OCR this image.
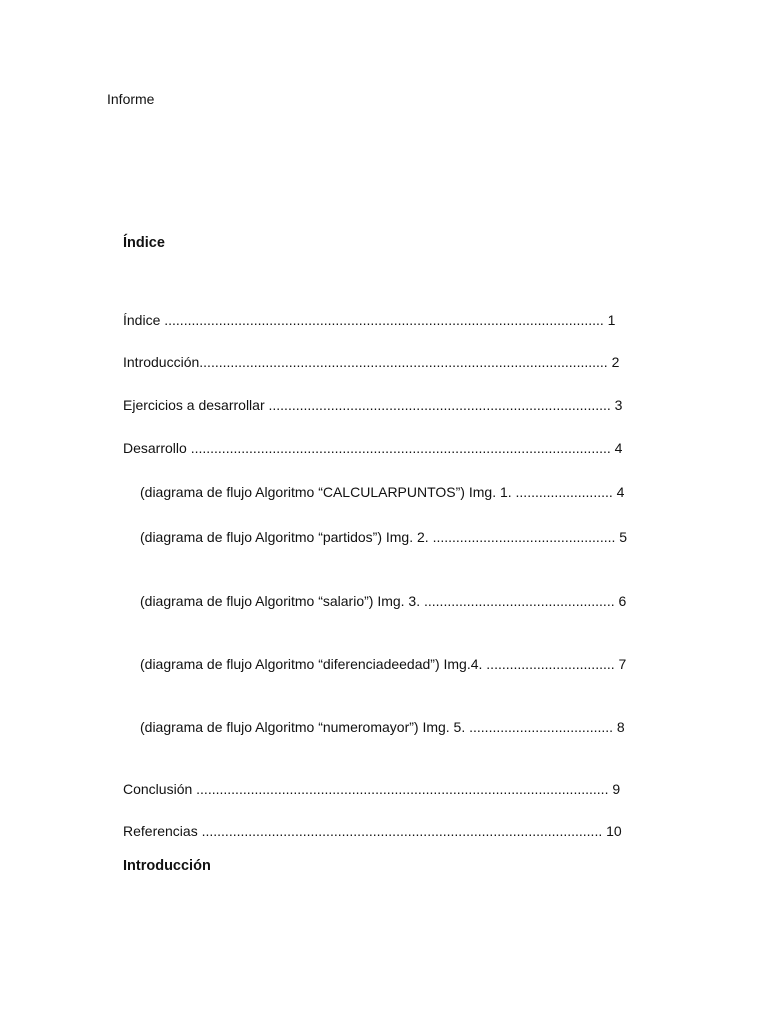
Informe

Índice

Índice ................................................................................................................. 1

Introducción......................................................................................................... 2

Ejercicios a desarrollar ........................................................................................ 3

Desarrollo ............................................................................................................ 4

(diagrama de flujo Algoritmo “CALCULARPUNTOS”) Img. 1. ......................... 4

(diagrama de flujo Algoritmo “partidos”) Img. 2. ............................................... 5

(diagrama de flujo Algoritmo “salario”) Img. 3. ................................................. 6

(diagrama de flujo Algoritmo “diferenciadeedad”) Img.4. ................................. 7

(diagrama de flujo Algoritmo “numeromayor”) Img. 5. ..................................... 8

Conclusión .......................................................................................................... 9

Referencias ....................................................................................................... 10

Introducción
